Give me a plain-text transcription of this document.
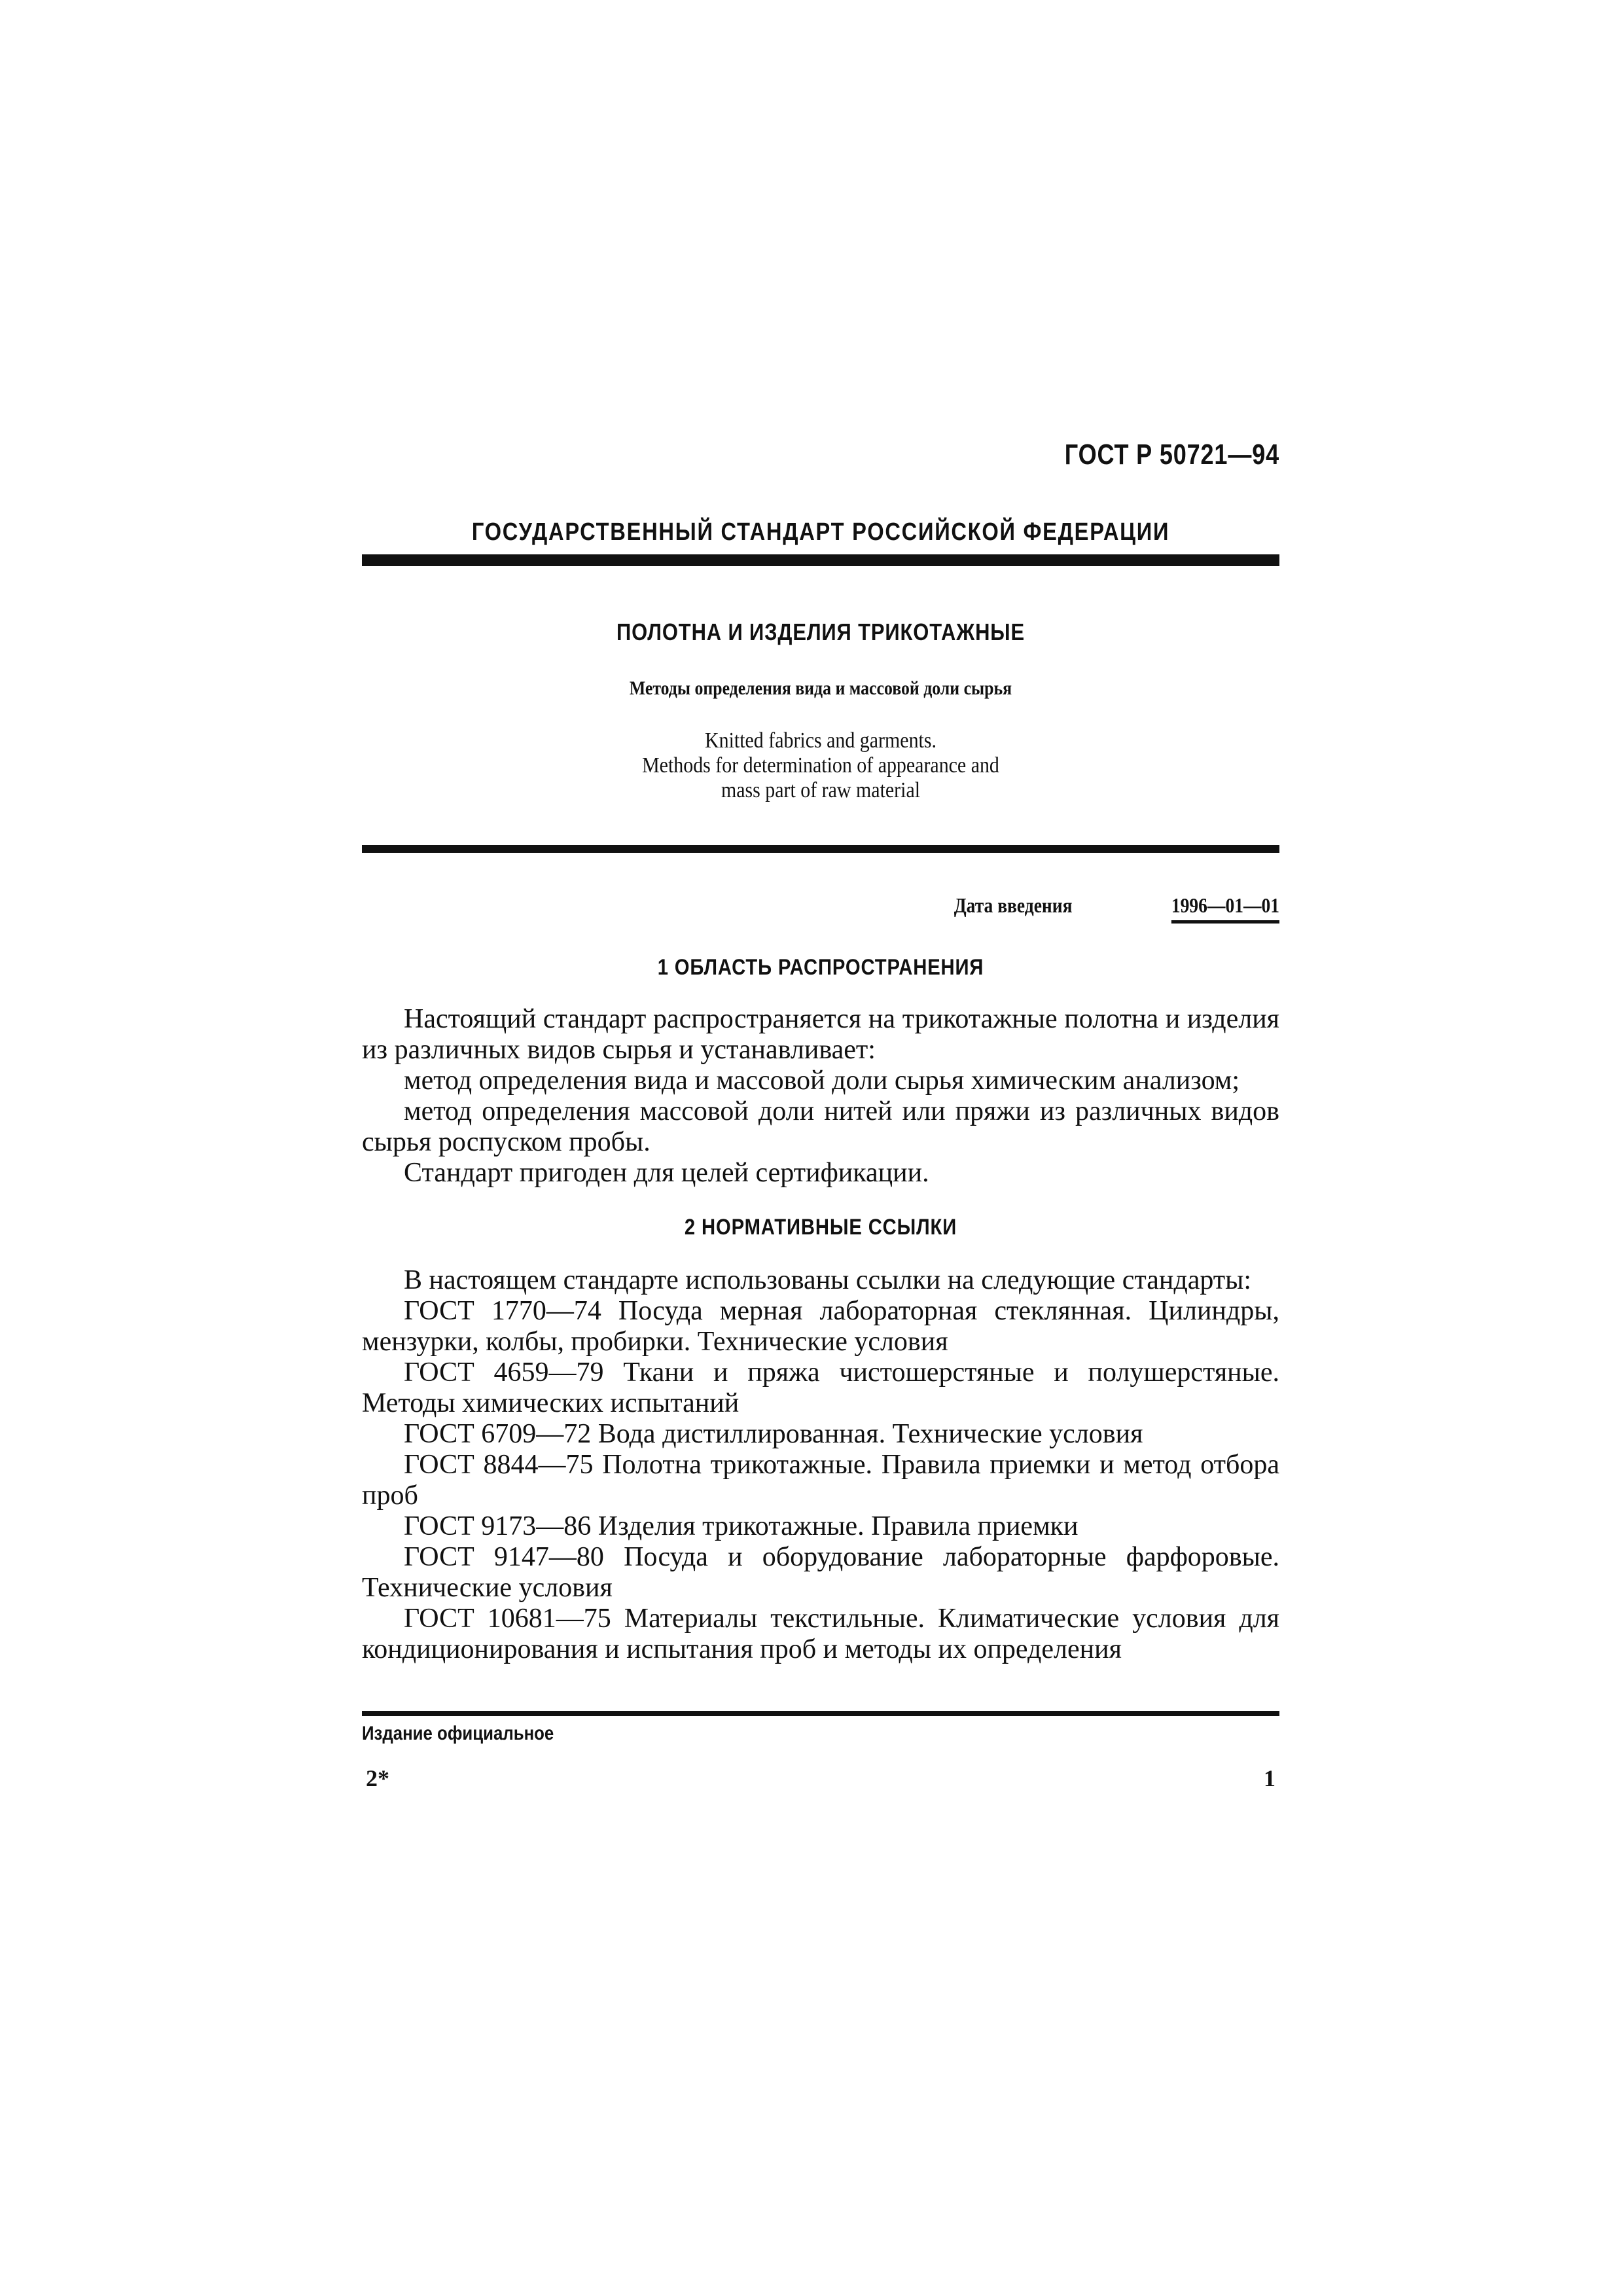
ГОСТ Р 50721—94
ГОСУДАРСТВЕННЫЙ СТАНДАРТ РОССИЙСКОЙ ФЕДЕРАЦИИ
ПОЛОТНА И ИЗДЕЛИЯ ТРИКОТАЖНЫЕ
Методы определения вида и массовой доли сырья
Knitted fabrics and garments.
Methods for determination of appearance and
mass part of raw material
Дата введения	1996—01—01
1 ОБЛАСТЬ РАСПРОСТРАНЕНИЯ

Настоящий стандарт распространяется на трикотажные полотна и изделия из различных видов сырья и устанавливает:

метод определения вида и массовой доли сырья химическим анализом;

метод определения массовой доли нитей или пряжи из различных видов сырья роспуском пробы.

Стандарт пригоден для целей сертификации.

2 НОРМАТИВНЫЕ ССЫЛКИ

В настоящем стандарте использованы ссылки на следующие стандарты:

ГОСТ 1770—74 Посуда мерная лабораторная стеклянная. Цилиндры, мензурки, колбы, пробирки. Технические условия

ГОСТ 4659—79 Ткани и пряжа чистошерстяные и полушерстяные. Методы химических испытаний

ГОСТ 6709—72 Вода дистиллированная. Технические условия

ГОСТ 8844—75 Полотна трикотажные. Правила приемки и метод отбора проб

ГОСТ 9173—86 Изделия трикотажные. Правила приемки

ГОСТ 9147—80 Посуда и оборудование лабораторные фарфоровые. Технические условия

ГОСТ 10681—75 Материалы текстильные. Климатические условия для кондиционирования и испытания проб и методы их определения

Издание официальное
2*	1
